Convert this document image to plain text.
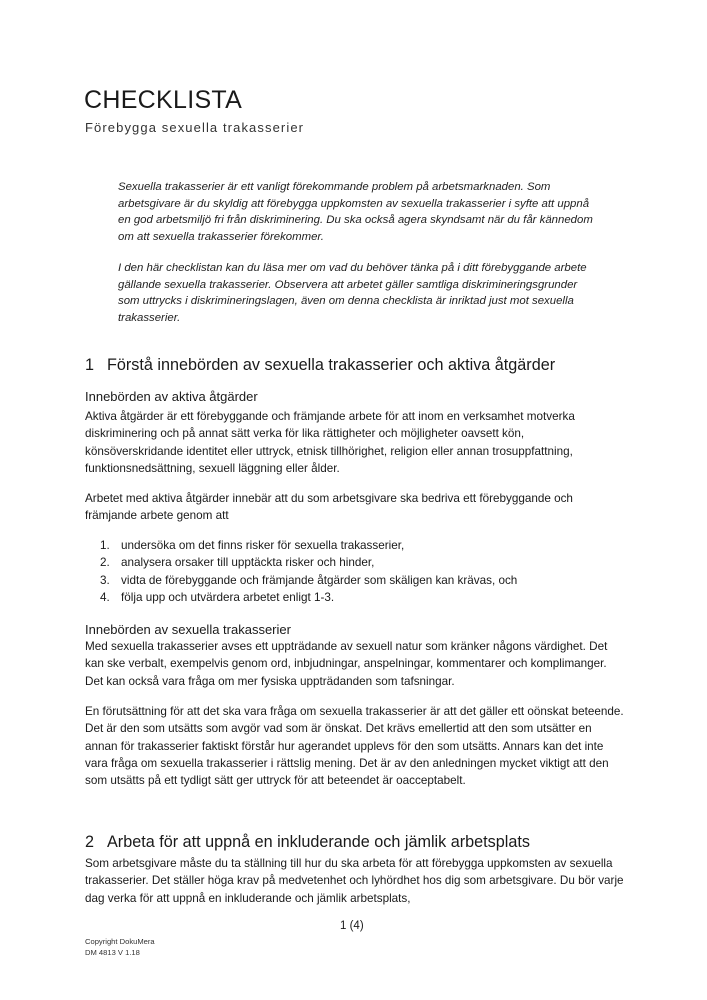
CHECKLISTA
Förebygga sexuella trakasserier

Sexuella trakasserier är ett vanligt förekommande problem på arbetsmarknaden. Som arbetsgivare är du skyldig att förebygga uppkomsten av sexuella trakasserier i syfte att uppnå en god arbetsmiljö fri från diskriminering. Du ska också agera skyndsamt när du får kännedom om att sexuella trakasserier förekommer.

I den här checklistan kan du läsa mer om vad du behöver tänka på i ditt förebyggande arbete gällande sexuella trakasserier. Observera att arbetet gäller samtliga diskrimineringsgrunder som uttrycks i diskrimineringslagen, även om denna checklista är inriktad just mot sexuella trakasserier.

1 Förstå innebörden av sexuella trakasserier och aktiva åtgärder
Innebörden av aktiva åtgärder

Aktiva åtgärder är ett förebyggande och främjande arbete för att inom en verksamhet motverka diskriminering och på annat sätt verka för lika rättigheter och möjligheter oavsett kön, könsöverskridande identitet eller uttryck, etnisk tillhörighet, religion eller annan trosuppfattning, funktionsnedsättning, sexuell läggning eller ålder.

Arbetet med aktiva åtgärder innebär att du som arbetsgivare ska bedriva ett förebyggande och främjande arbete genom att

1. undersöka om det finns risker för sexuella trakasserier,
2. analysera orsaker till upptäckta risker och hinder,
3. vidta de förebyggande och främjande åtgärder som skäligen kan krävas, och
4. följa upp och utvärdera arbetet enligt 1-3.
Innebörden av sexuella trakasserier

Med sexuella trakasserier avses ett uppträdande av sexuell natur som kränker någons värdighet. Det kan ske verbalt, exempelvis genom ord, inbjudningar, anspelningar, kommentarer och komplimanger. Det kan också vara fråga om mer fysiska uppträdanden som tafsningar.

En förutsättning för att det ska vara fråga om sexuella trakasserier är att det gäller ett oönskat beteende. Det är den som utsätts som avgör vad som är önskat. Det krävs emellertid att den som utsätter en annan för trakasserier faktiskt förstår hur agerandet upplevs för den som utsätts. Annars kan det inte vara fråga om sexuella trakasserier i rättslig mening. Det är av den anledningen mycket viktigt att den som utsätts på ett tydligt sätt ger uttryck för att beteendet är oacceptabelt.

2 Arbeta för att uppnå en inkluderande och jämlik arbetsplats

Som arbetsgivare måste du ta ställning till hur du ska arbeta för att förebygga uppkomsten av sexuella trakasserier. Det ställer höga krav på medvetenhet och lyhördhet hos dig som arbetsgivare. Du bör varje dag verka för att uppnå en inkluderande och jämlik arbetsplats,

1 (4)
Copyright DokuMera
DM 4813 V 1.18
